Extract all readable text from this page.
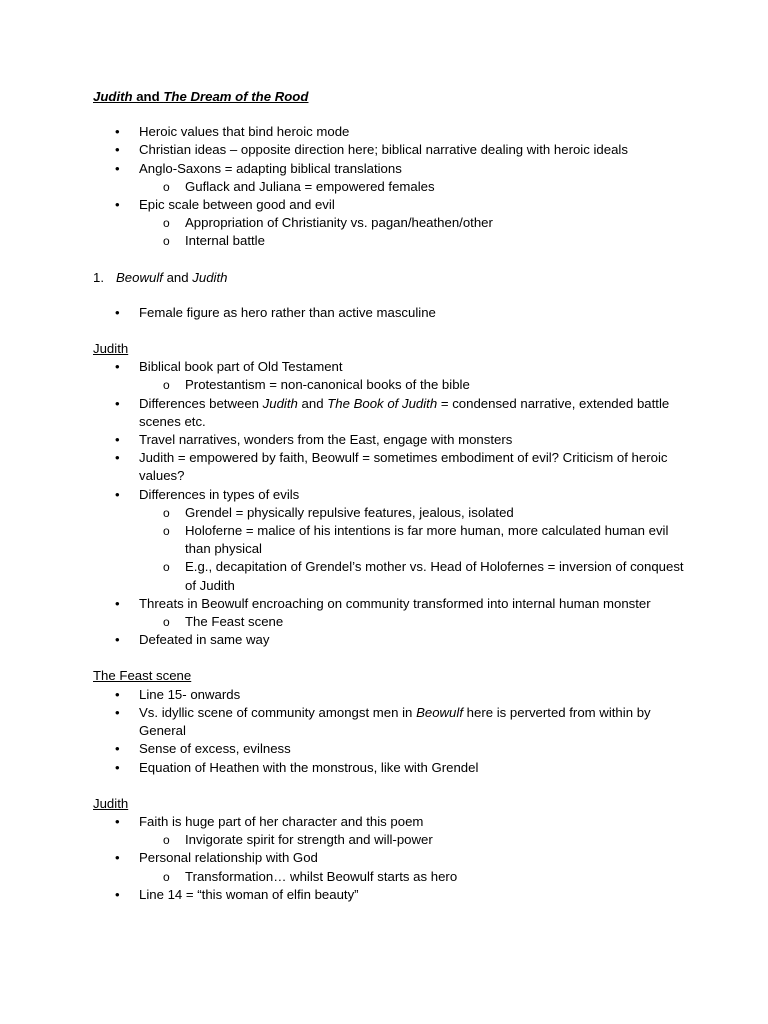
Judith and The Dream of the Rood
• Heroic values that bind heroic mode
• Christian ideas – opposite direction here; biblical narrative dealing with heroic ideals
• Anglo-Saxons = adapting biblical translations
o Guflack and Juliana = empowered females
• Epic scale between good and evil
o Appropriation of Christianity vs. pagan/heathen/other
o Internal battle
1. Beowulf and Judith
• Female figure as hero rather than active masculine
Judith
• Biblical book part of Old Testament
o Protestantism = non-canonical books of the bible
• Differences between Judith and The Book of Judith = condensed narrative, extended battle scenes etc.
• Travel narratives, wonders from the East, engage with monsters
• Judith = empowered by faith, Beowulf = sometimes embodiment of evil? Criticism of heroic values?
• Differences in types of evils
o Grendel = physically repulsive features, jealous, isolated
o Holoferne = malice of his intentions is far more human, more calculated human evil than physical
o E.g., decapitation of Grendel’s mother vs. Head of Holofernes = inversion of conquest of Judith
• Threats in Beowulf encroaching on community transformed into internal human monster
o The Feast scene
• Defeated in same way
The Feast scene
• Line 15- onwards
• Vs. idyllic scene of community amongst men in Beowulf here is perverted from within by General
• Sense of excess, evilness
• Equation of Heathen with the monstrous, like with Grendel
Judith
• Faith is huge part of her character and this poem
o Invigorate spirit for strength and will-power
• Personal relationship with God
o Transformation… whilst Beowulf starts as hero
• Line 14 = “this woman of elfin beauty”
